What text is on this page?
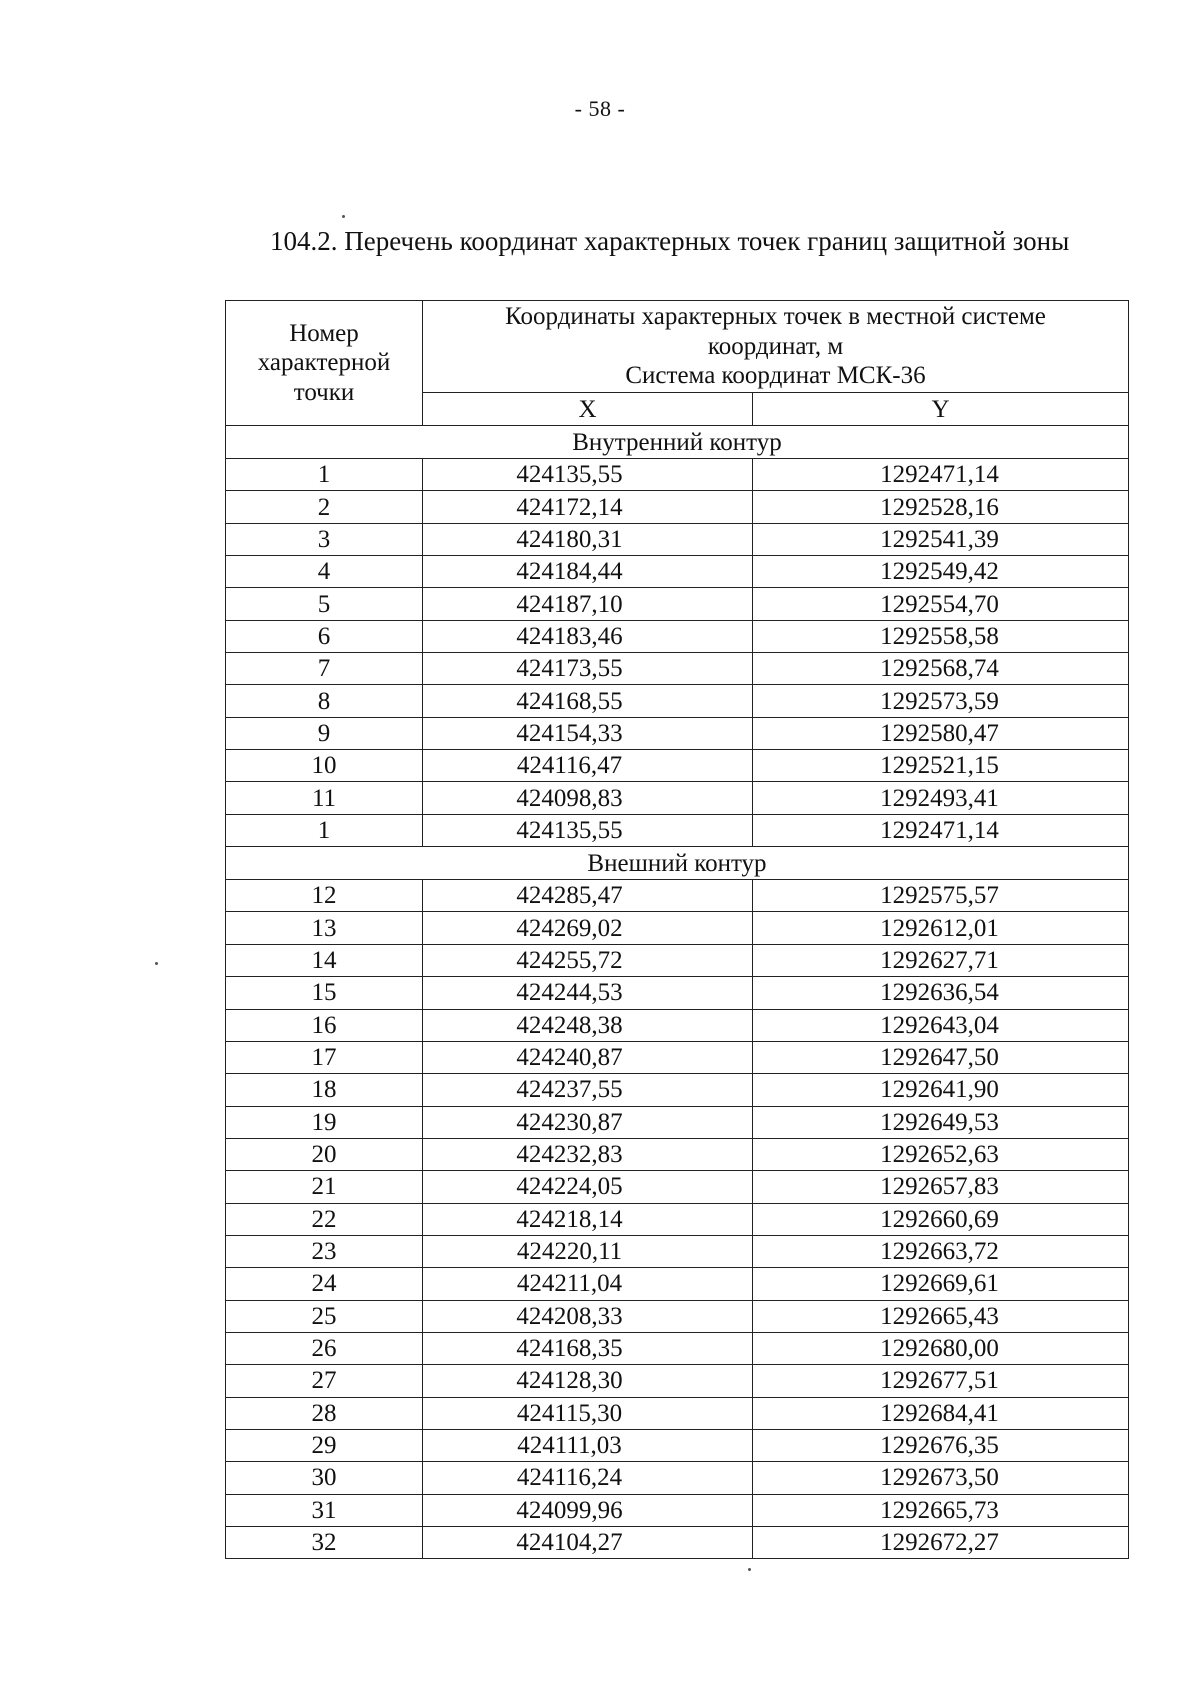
- 58 -
104.2. Перечень координат характерных точек границ защитной зоны
Номер характерной точки	Координаты характерных точек в местной системе
координат, м
Система координат МСК-36	

	X	Y
Внутренний контур		
1	424135,55	1292471,14
2	424172,14	1292528,16
3	424180,31	1292541,39
4	424184,44	1292549,42
5	424187,10	1292554,70
6	424183,46	1292558,58
7	424173,55	1292568,74
8	424168,55	1292573,59
9	424154,33	1292580,47
10	424116,47	1292521,15
11	424098,83	1292493,41
1	424135,55	1292471,14
Внешний контур		
12	424285,47	1292575,57
13	424269,02	1292612,01
14	424255,72	1292627,71
15	424244,53	1292636,54
16	424248,38	1292643,04
17	424240,87	1292647,50
18	424237,55	1292641,90
19	424230,87	1292649,53
20	424232,83	1292652,63
21	424224,05	1292657,83
22	424218,14	1292660,69
23	424220,11	1292663,72
24	424211,04	1292669,61
25	424208,33	1292665,43
26	424168,35	1292680,00
27	424128,30	1292677,51
28	424115,30	1292684,41
29	424111,03	1292676,35
30	424116,24	1292673,50
31	424099,96	1292665,73
32	424104,27	1292672,27
